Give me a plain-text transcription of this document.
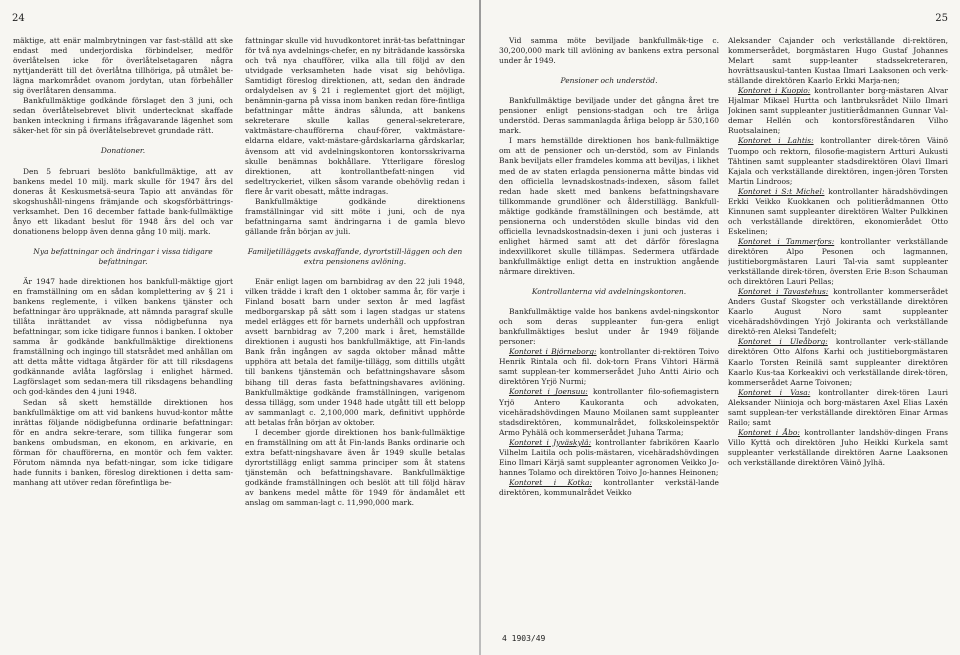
24

mäktige, att enär malmbrytningen var fast-ställd att ske endast med underjordiska förbindelser, medför överlåtelsen icke för överlåtelsetagaren några nyttjanderätt till det överlåtna tillhöriga, på utmålet be-lägna markområdet ovanom jordytan, utan förbehåller sig överlåtaren densamma.

Bankfullmäktige godkände förslaget den 3 juni, och sedan överlåtelsebrevet blivit undertecknat skaffade banken inteckning i firmans ifrågavarande lägenhet som säker-het för sin på överlåtelsebrevet grundade rätt.

Donationer.

Den 5 februari beslöto bankfullmäktige, att av bankens medel 10 milj. mark skulle för 1947 års del doneras åt Keskusmetsä-seura Tapio att användas för skogshushåll-ningens främjande och skogsförbättrings-verksamhet. Den 16 december fattade bank-fullmäktige ånyo ett likadant beslut för 1948 års del och var donationens belopp även denna gång 10 milj. mark.

Nya befattningar och ändringar i vissa tidigare befattningar.

Är 1947 hade direktionen hos bankfull-mäktige gjort en framställning om en sådan komplettering av § 21 i bankens reglemente, i vilken bankens tjänster och befattningar äro uppräknade, att nämnda paragraf skulle tillåta inrättandet av vissa nödigbefunna nya befattningar, som icke tidigare funnos i banken. I oktober samma år godkände bankfullmäktige direktionens framställning och ingingo till statsrådet med anhållan om att detta måtte vidtaga åtgärder för att till riksdagens godkännande avlåta lagförslag i enlighet härmed. Lagförslaget som sedan-mera till riksdagens behandling och god-kändes den 4 juni 1948.

Sedan så skett hemställde direktionen hos bankfullmäktige om att vid bankens huvud-kontor måtte inrättas följande nödigbefunna ordinarie befattningar: för en andra sekre-terare, som tillika fungerar som bankens ombudsman, en ekonom, en arkivarie, en förman för chaufförerna, en montör och fem vakter. Förutom nämnda nya befatt-ningar, som icke tidigare hade funnits i banken, föreslog direktionen i detta sam-manhang att utöver redan förefintliga be-

fattningar skulle vid huvudkontoret inrät-tas befattningar för två nya avdelnings-chefer, en ny biträdande kassörska och två nya chaufförer, vilka alla till följd av den utvidgade verksamheten hade visat sig behövliga. Samtidigt föreslog direktionen, att, sedan den ändrade ordalydelsen av § 21 i reglementet gjort det möjligt, benämnin-garna på vissa inom banken redan före-fintliga befattningar måtte ändras sålunda, att bankens sekreterare skulle kallas general-sekreterare, vaktmästare-chaufförerna chauf-förer, vaktmästare-eldarna eldare, vakt-mästare-gårdskarlarna gårdskarlar, ävensom att vid avdelningskontoren kontorsskrivarna skulle benämnas bokhållare. Ytterligare föreslog direktionen, att kontrollantbefatt-ningen vid sedeltryckeriet, vilken såsom varande obehövlig redan i flere år varit obesatt, måtte indragas.

Bankfullmäktige godkände direktionens framställningar vid sitt möte i juni, och de nya befattningarna samt ändringarna i de gamla blevo gällande från början av juli.

Familjetilläggets avskaffande, dyrortstill-läggen och den extra pensionens avlöning.

Enär enligt lagen om barnbidrag av den 22 juli 1948, vilken trädde i kraft den 1 oktober samma år, för varje i Finland bosatt barn under sexton år med lagfäst medborgarskap på sätt som i lagen stadgas ur statens medel erlägges ett för barnets underhåll och uppfostran avsett barnbidrag av 7,200 mark i året, hemställde direktionen i augusti hos bankfullmäktige, att Fin-lands Bank från ingången av sagda oktober månad måtte upphöra att betala det familje-tillägg, som dittills utgått till bankens tjänstemän och befattningshavare såsom bihang till deras fasta befattningshavares avlöning. Bankfullmäktige godkände framställningen, varigenom dessa tillägg, som under 1948 hade utgått till ett belopp av sammanlagt c. 2,100,000 mark, definitivt upphörde att betalas från början av oktober.

I december gjorde direktionen hos bank-fullmäktige en framställning om att åt Fin-lands Banks ordinarie och extra befatt-ningshavare även år 1949 skulle betalas dyrortstillägg enligt samma principer som åt statens tjänstemän och befattningshavare. Bankfullmäktige godkände framställningen och beslöt att till följd härav av bankens medel måtte för 1949 för ändamålet ett anslag om samman-lagt c. 11,990,000 mark.

25

Vid samma möte beviljade bankfullmäk-tige c. 30,200,000 mark till avlöning av bankens extra personal under år 1949.

Pensioner och understöd.

Bankfullmäktige beviljade under det gångna året tre pensioner enligt pensions-stadgan och tre årliga understöd. Deras sammanlagda årliga belopp är 530,160 mark.

I mars hemställde direktionen hos bank-fullmäktige om att de pensioner och un-derstöd, som av Finlands Bank beviljats eller framdeles komma att beviljas, i likhet med de av staten erlagda pensionerna måtte bindas vid den officiella levnadskostnads-indexen, såsom fallet redan hade skett med bankens befattningshavare tillkommande grundlöner och ålderstillägg. Bankfull-mäktige godkände framställningen och bestämde, att pensionerna och understöden skulle bindas vid den officiella levnadskostnadsin-dexen i juni och justeras i enlighet härmed samt att det därför föreslagna indexvillkoret skulle tillämpas. Sedermera utfärdade bankfullmäktige enligt detta en instruktion angående närmare direktiven.

Kontrollanterna vid avdelningskontoren.

Bankfullmäktige valde hos bankens avdel-ningskontor och som deras suppleanter fun-gera enligt bankfullmäktiges beslut under år 1949 följande personer:

Kontoret i Björneborg: kontrollanter di-rektören Toivo Henrik Rintala och fil. dok-torn Frans Vihtori Härmä samt supplean-ter kommerserådet Juho Antti Airio och direktören Yrjö Nurmi;

Kontoret i Joensuu: kontrollanter filo-sofiemagistern Yrjö Antero Kaukoranta och advokaten, vicehäradshövdingen Mauno Moilanen samt suppleanter stadsdirektören, kommunalrådet, folkskoleinspektör Armo Pyhälä och kommerserådet Juhana Tarma;

Kontoret i Jyväskylä: kontrollanter fabrikören Kaarlo Vilhelm Laitila och polis-mästaren, vicehäradshövdingen Eino Ilmari Kärjä samt suppleanter agronomen Veikko Jo-hannes Tolamo och direktören Toivo Jo-hannes Heinonen;

Kontoret i Kotka: kontrollanter verkstäl-lande direktören, kommunalrådet Veikko

Aleksander Cajander och verkställande di-rektören, kommerserådet, borgmästaren Hugo Gustaf Johannes Melart samt supp-leanter stadssekreteraren, hovrättsauskul-tanten Kustaa Ilmari Laaksonen och verk-ställande direktören Kaarlo Erkki Marja-nen;

Kontoret i Kuopio: kontrollanter borg-mästaren Alvar Hjalmar Mikael Hurtta och lantbruksrådet Niilo Ilmari Jokinen samt suppleanter justitierådmannen Gunnar Val-demar Hellén och kontorsföreståndaren Vilho Ruotsalainen;

Kontoret i Lahtis: kontrollanter direk-tören Väinö Tuompo och rektorn, filosofie-magistern Artturi Aukusti Tähtinen samt suppleanter stadsdirektören Olavi Ilmari Kajala och verkställande direktören, ingen-jören Torsten Martin Lindroos;

Kontoret i S:t Michel: kontrollanter häradshövdingen Erkki Veikko Kuokkanen och politierådmannen Otto Kinnunen samt suppleanter direktören Walter Pulkkinen och verkställande direktören, ekonomierådet Otto Eskelinen;

Kontoret i Tammerfors: kontrollanter verkställande direktören Alpo Pesonen och lagmannen, justitieborgmästaren Lauri Tal-via samt suppleanter verkställande direk-tören, översten Erie B:son Schauman och direktören Lauri Pellas;

Kontoret i Tavastehus: kontrollanter kommerserådet Anders Gustaf Skogster och verkställande direktören Kaarlo August Noro samt suppleanter vicehäradshövdingen Yrjö Jokiranta och verkställande direktö-ren Aleksi Tandefelt;

Kontoret i Uleåborg: kontrollanter verk-ställande direktören Otto Alfons Karhi och justitieborgmästaren Kaarlo Torsten Reinilä samt suppleanter direktören Kaarlo Kus-taa Korkeakivi och verkställande direk-tören, kommerserådet Aarne Toivonen;

Kontoret i Vasa: kontrollanter direk-tören Lauri Aleksander Niinioja och borg-mästaren Axel Elias Laxén samt supplean-ter verkställande direktören Einar Armas Railo; samt

Kontoret i Åbo: kontrollanter landshöv-dingen Frans Villo Kyttä och direktören Juho Heikki Kurkela samt suppleanter verkställande direktören Aarne Laaksonen och verkställande direktören Väinö Jylhä.

4 1903/49
